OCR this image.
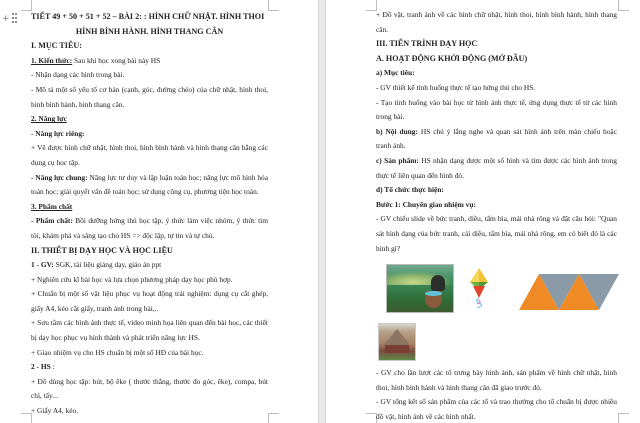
+	TIẾT 49 + 50 + 51 + 52 – BÀI 2: : HÌNH CHỮ NHẬT. HÌNH THOI

HÌNH BÌNH HÀNH. HÌNH THANG CÂN

I. MỤC TIÊU:

1. Kiến thức: Sau khi học xong bài này HS

- Nhận dạng các hình trong bài.

- Mô tả một số yếu tố cơ bản (cạnh, góc, đường chéo) của chữ nhật, hình thoi, hình bình hành, hình thang cân.

2. Năng lực

- Năng lực riêng:

+ Vẽ được hình chữ nhật, hình thoi, hình bình hành và hình thang cân bằng các dụng cụ học tập.

- Năng lực chung: Năng lực tư duy và lập luận toán học; năng lực mô hình hóa toán học; giải quyết vấn đề toán học; sử dụng công cụ, phương tiện học toán.

3. Phẩm chất

- Phẩm chất: Bồi dưỡng hứng thú học tập, ý thức làm việc nhóm, ý thức tìm tòi, khám phá và sáng tạo cho HS => độc lập, tự tin và tự chủ.

II. THIẾT BỊ DẠY HỌC VÀ HỌC LIỆU

1 - GV: SGK, tài liệu giảng dạy, giáo án ppt

+ Nghiên cứu kĩ bài học và lựa chọn phương pháp dạy học phù hợp.

+ Chuẩn bị một số vật liệu phục vụ hoạt động trải nghiệm: dụng cụ cắt ghép, giấy A4, kéo cắt giấy, tranh ảnh trong bài,..

+ Sưu tầm các hình ảnh thực tế, video minh họa liên quan đến bài học, các thiết bị dạy học phục vụ hình thành và phát triển năng lực HS.

+ Giao nhiệm vụ cho HS chuẩn bị một số HĐ của bài học.

2 - HS :

+ Đồ dùng học tập: bút, bộ êke ( thước thẳng, thước đo góc, êke), compa, bút chì, tẩy...

+ Giấy A4, kéo.

+ Đồ vật, tranh ảnh về các hình chữ nhật, hình thoi, hình bình hành, hình thang cân.

III. TIẾN TRÌNH DẠY HỌC

A. HOẠT ĐỘNG KHỞI ĐỘNG (MỞ ĐẦU)

a) Mục tiêu:

- GV thiết kế tình huống thực tế tạo hứng thú cho HS.

- Tạo tình huống vào bài học từ hình ảnh thực tế, ứng dụng thực tế từ các hình trong bài.

b) Nội dung: HS chú ý lắng nghe và quan sát hình ảnh trên màn chiếu hoặc tranh ảnh.

c) Sản phẩm: HS nhận dạng được một số hình và tìm được các hình ảnh trong thực tế liên quan đến hình đó.

d) Tổ chức thực hiện:

Bước 1: Chuyển giao nhiệm vụ:

- GV chiếu slide về bức tranh, diều, tấm bìa, mái nhà rông và đặt câu hỏi: "Quan sát hình dạng của bức tranh, cái diều, tấm bìa, mái nhà rông, em có biết đó là các hình gì?

- GV cho lần lượt các tổ trưng bày hình ảnh, sản phẩm về hình chữ nhật, hình thoi, hình bình hành và hình thang cân đã giao trước đó.

- GV tổng kết số sản phẩm của các tổ và trao thưởng cho tổ chuẩn bị được nhiều đồ vật, hình ảnh về các hình nhất.
